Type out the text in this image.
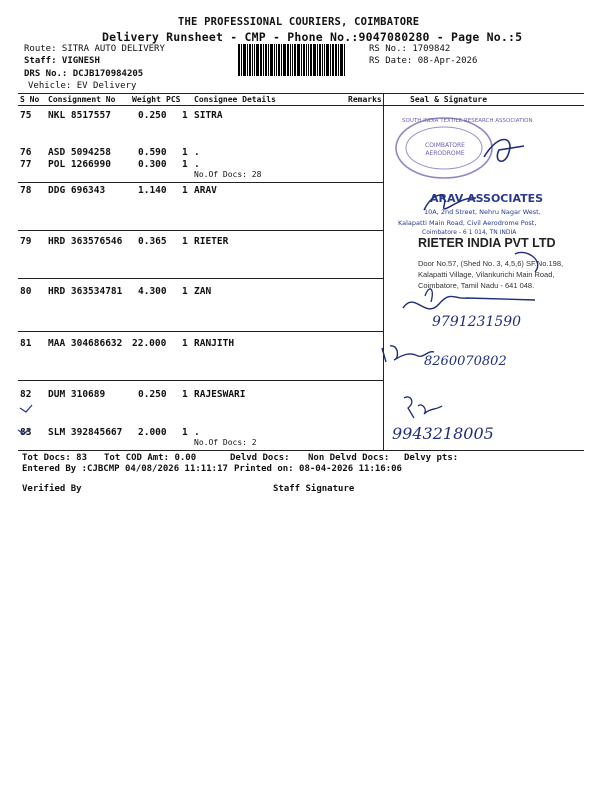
THE PROFESSIONAL COURIERS, COIMBATORE
Delivery Runsheet - CMP - Phone No.:9047080280 - Page No.:5
Route: SITRA AUTO DELIVERY
Staff: VIGNESH
DRS No.: DCJB170984205
Vehicle: EV Delivery
RS No.: 1709842
RS Date: 08-Apr-2026
S No Consignment No Weight PCS Consignee Details	Remarks	Seal & Signature
75 NKL 8517557	0.250 1 SITRA
76 ASD 5094258	0.590 1 .
77 POL 1266990	0.300 1 .
No.Of Docs: 28
78 DDG 696343	1.140 1 ARAV
79 HRD 363576546 0.365 1 RIETER
80 HRD 363534781 4.300 1 ZAN
81 MAA 304686632 22.000 1 RANJITH
82 DUM 310689	0.250 1 RAJESWARI
83 SLM 392845667 2.000 1 .
No.Of Docs: 2
SOUTH INDIA TEXTILE RESEARCH ASSOCIATION
COIMBATORE AERODROME
ARAV ASSOCIATES
10A, 2nd Street, Nehru Nagar West,
Kalapatti Main Road, Civil Aerodrome Post,
Coimbatore - 6 1 014, TN INDIA
RIETER INDIA PVT LTD
Door No.57, (Shed No. 3, 4,5,6) SF.No.198,
Kalapatti Village, Vilankurichi Main Road,
Coimbatore, Tamil Nadu - 641 048.
9791231590
8260070802
9943218005
Tot Docs: 83 Tot COD Amt: 0.00	Delvd Docs: Non Delvd Docs: Delvy pts:
Entered By :CJBCMP 04/08/2026 11:11:17 Printed on: 08-04-2026 11:16:06
Verified By	Staff Signature
